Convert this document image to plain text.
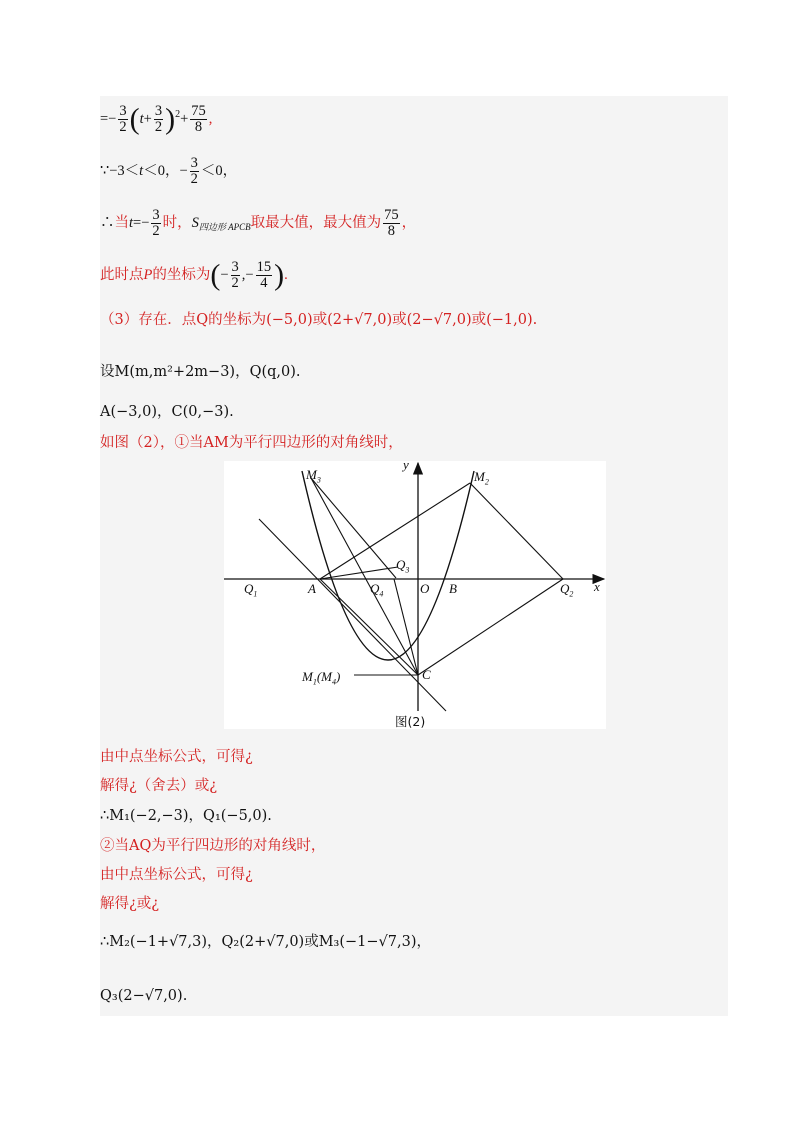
=− $\frac{3}{2} (t+ \frac{3}{2} )^2+ \frac{75}{8}$ ,
∵−3＜t＜0，− $\frac{3}{2} <0$，
∴当$t=- \frac{3}{2}$ 时，$S_{四边形 APCB}$取最大值，最大值为 $\frac{75}{8}$ ，
此时点P的坐标为(− $\frac{3}{2}$ ,− $\frac{15}{4}$ ).
（3）存在．点Q的坐标为(−5,0)或(2+√7,0)或(2−√7,0)或(−1,0).
设M(m,m²+2m−3)，Q(q,0).
A(−3,0)，C(0,−3).
如图（2），①当AM为平行四边形的对角线时，
y
x
$M_3$	$M_2$
$Q_3$
$Q_1$	A	$Q_4$	O B	$Q_2$
$M_1(M_4)$	C
图(2)
由中点坐标公式，可得¿
解得¿（舍去）或¿
∴M₁(−2,−3)，Q₁(−5,0).
②当AQ为平行四边形的对角线时，
由中点坐标公式，可得¿
解得¿或¿
∴M₂(−1+√7,3)，Q₂(2+√7,0)或M₃(−1−√7,3)，
Q₃(2−√7,0).
